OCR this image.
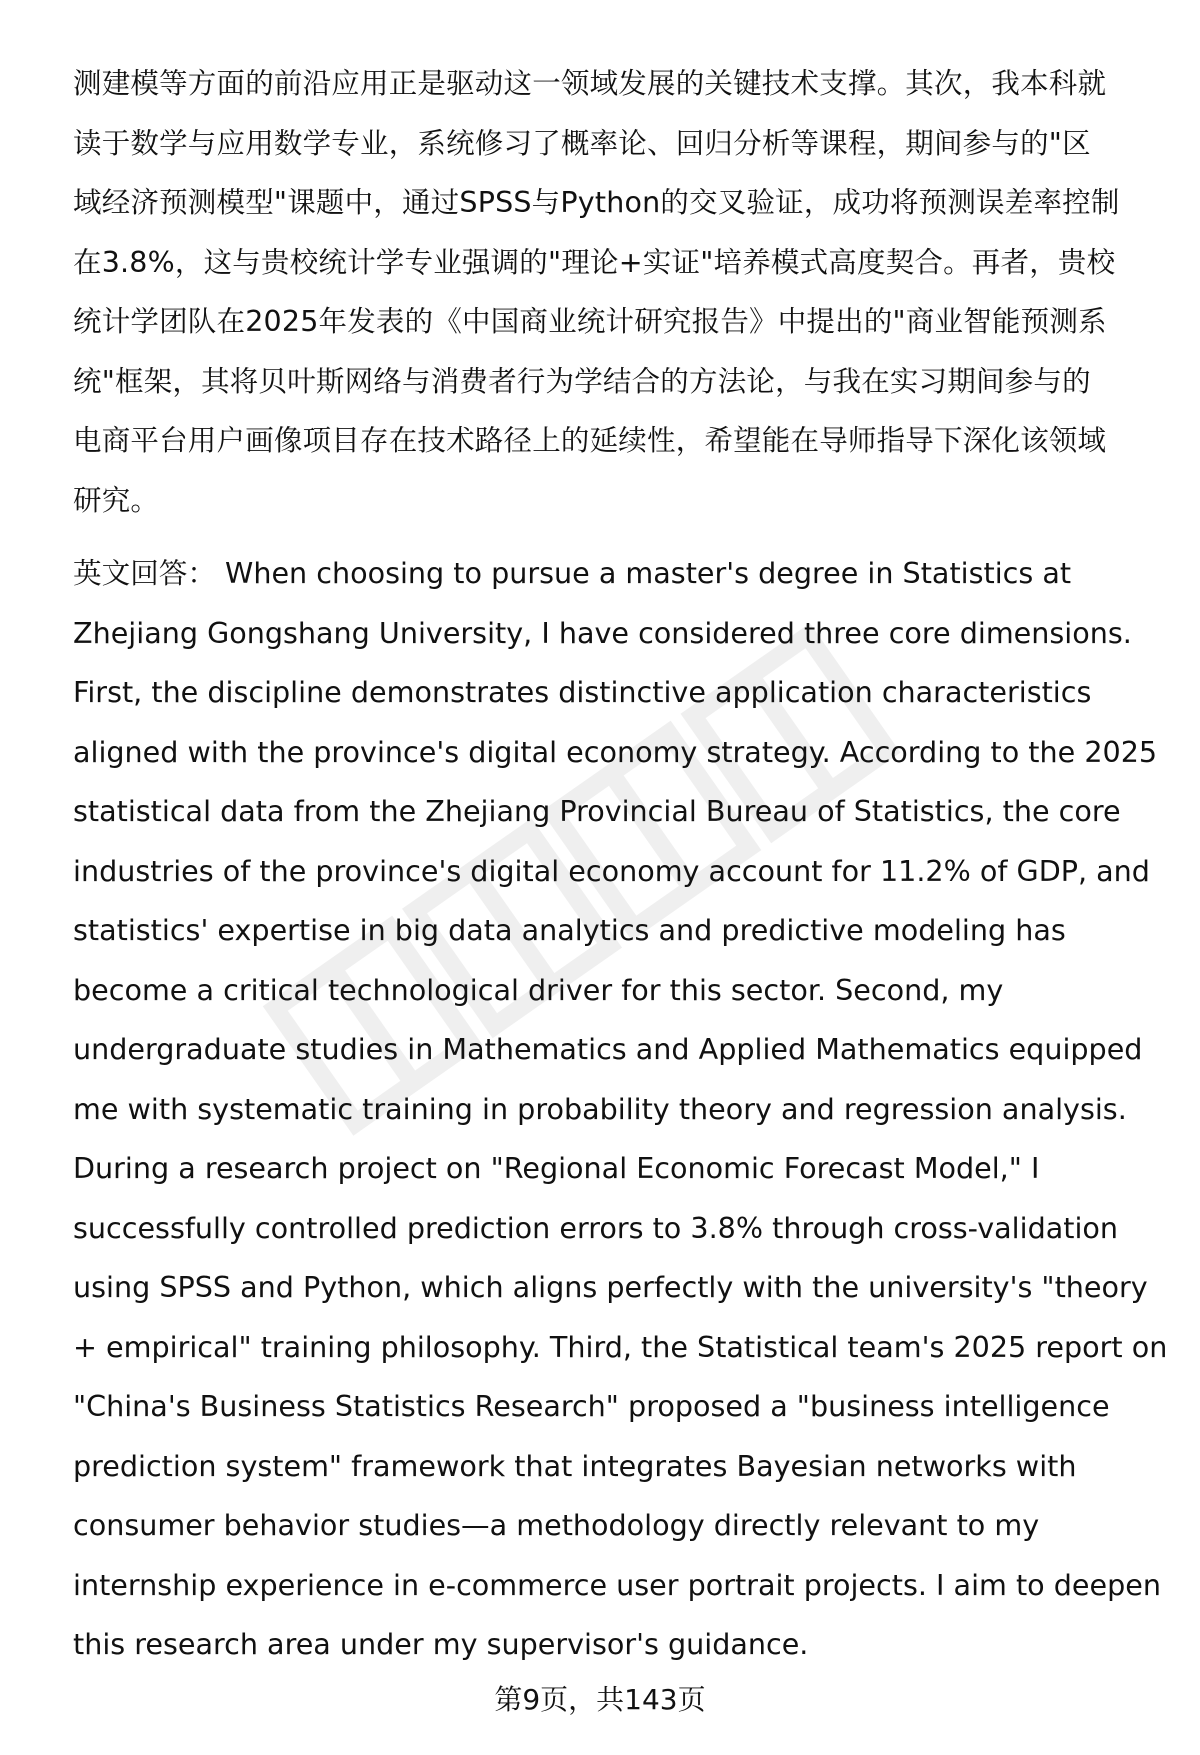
测建模等方面的前沿应用正是驱动这一领域发展的关键技术支撑。其次，我本科就
读于数学与应用数学专业，系统修习了概率论、回归分析等课程，期间参与的"区
域经济预测模型"课题中，通过SPSS与Python的交叉验证，成功将预测误差率控制
在3.8%，这与贵校统计学专业强调的"理论+实证"培养模式高度契合。再者，贵校
统计学团队在2025年发表的《中国商业统计研究报告》中提出的"商业智能预测系
统"框架，其将贝叶斯网络与消费者行为学结合的方法论，与我在实习期间参与的
电商平台用户画像项目存在技术路径上的延续性，希望能在导师指导下深化该领域
研究。
英文回答： When choosing to pursue a master's degree in Statistics at
Zhejiang Gongshang University, I have considered three core dimensions.
First, the discipline demonstrates distinctive application characteristics
aligned with the province's digital economy strategy. According to the 2025
statistical data from the Zhejiang Provincial Bureau of Statistics, the core
industries of the province's digital economy account for 11.2% of GDP, and
statistics' expertise in big data analytics and predictive modeling has
become a critical technological driver for this sector. Second, my
undergraduate studies in Mathematics and Applied Mathematics equipped
me with systematic training in probability theory and regression analysis.
During a research project on "Regional Economic Forecast Model," I
successfully controlled prediction errors to 3.8% through cross-validation
using SPSS and Python, which aligns perfectly with the university's "theory
+ empirical" training philosophy. Third, the Statistical team's 2025 report on
"China's Business Statistics Research" proposed a "business intelligence
prediction system" framework that integrates Bayesian networks with
consumer behavior studies—a methodology directly relevant to my
internship experience in e-commerce user portrait projects. I aim to deepen
this research area under my supervisor's guidance.
第9页，共143页
